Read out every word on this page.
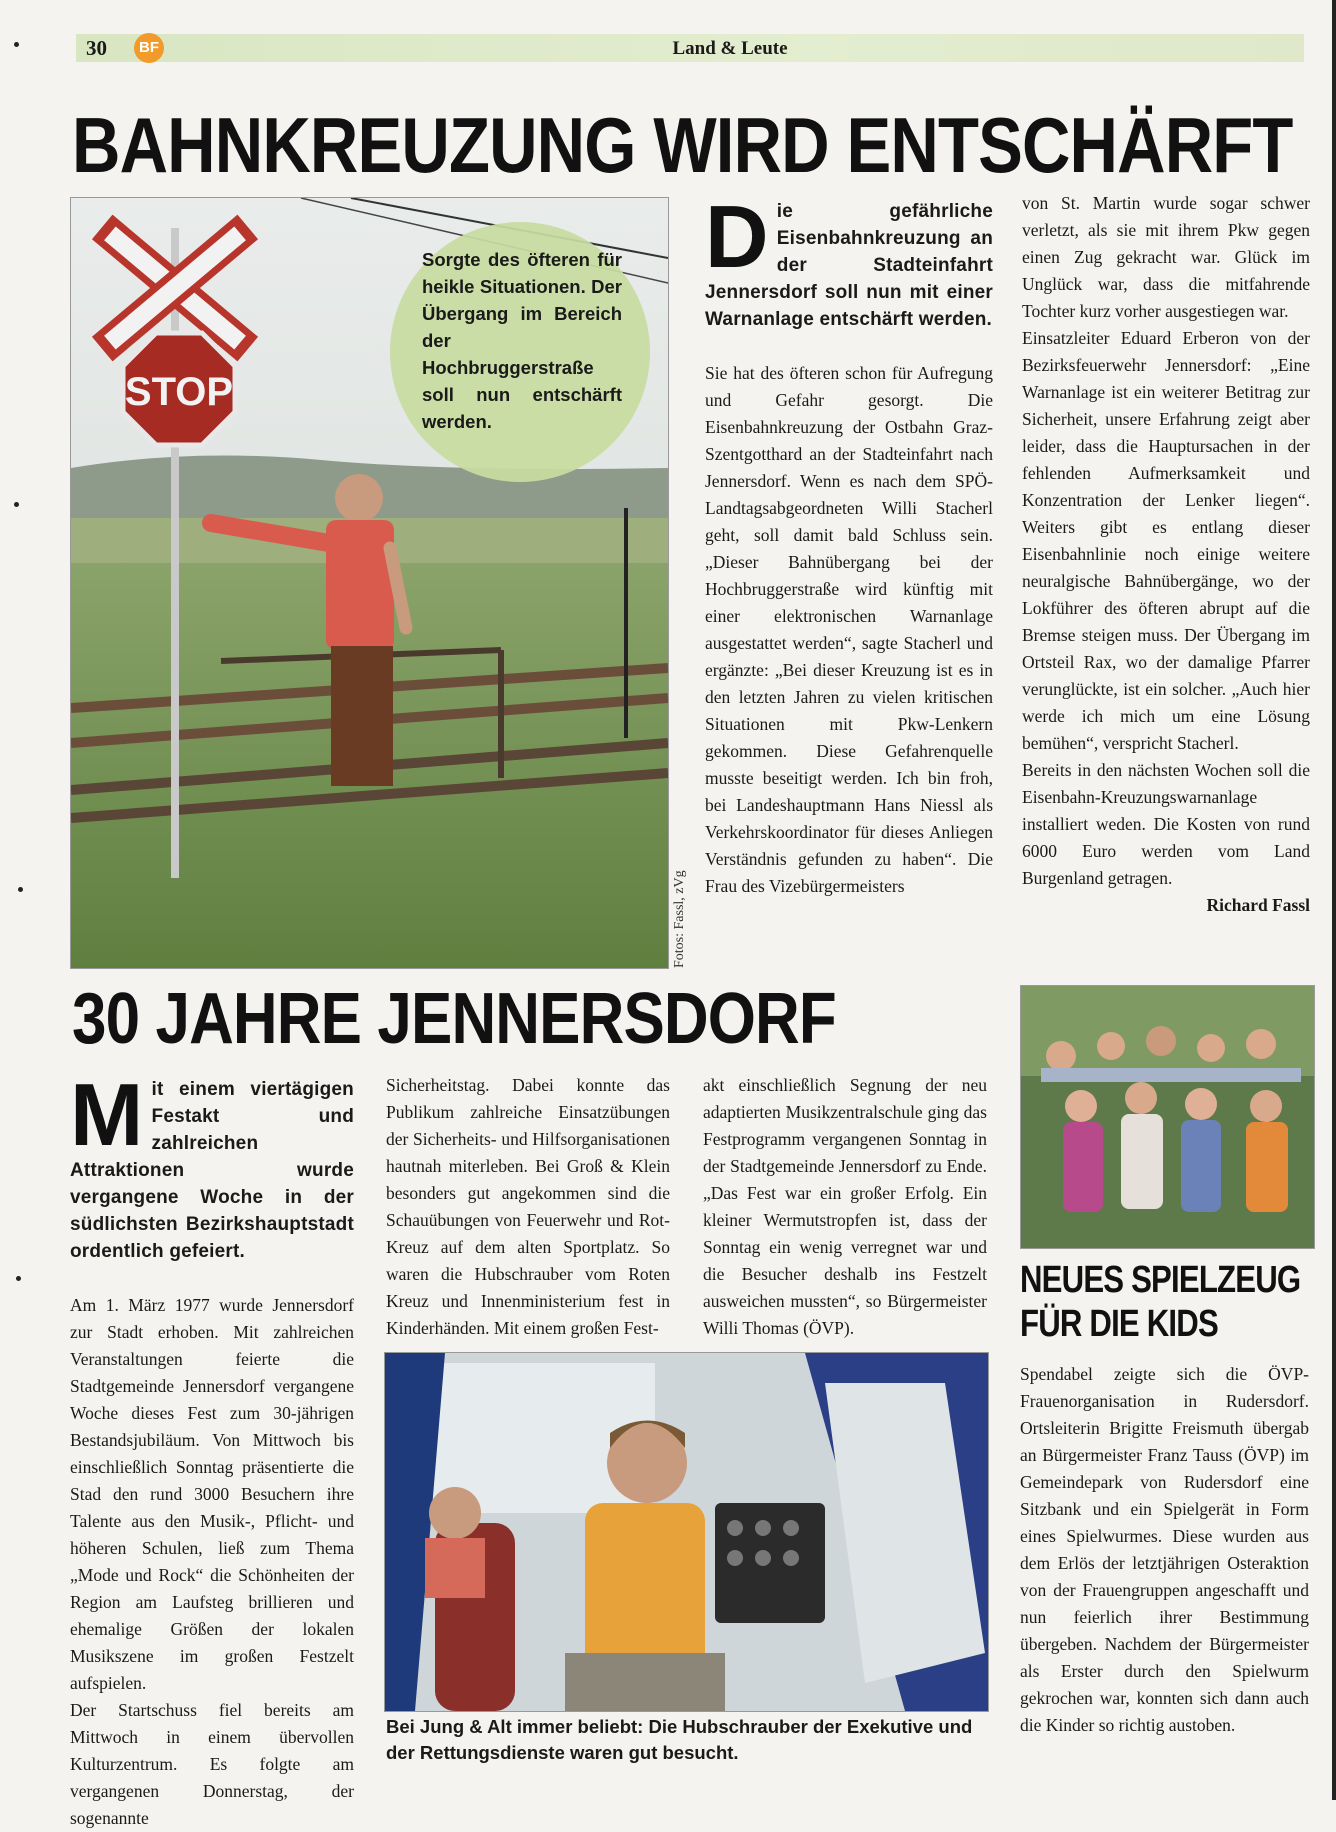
30	BF	Land & Leute
BAHNKREUZUNG WIRD ENTSCHÄRFT
STOP
Sorgte des öfteren für heikle Situationen. Der Übergang im Bereich der Hochbruggerstraße soll nun entschärft werden.
Fotos: Fassl, zVg
D ie gefährliche Eisenbahnkreuzung an der Stadteinfahrt Jennersdorf soll nun mit einer Warnanlage entschärft werden.

Sie hat des öfteren schon für Aufregung und Gefahr gesorgt. Die Eisenbahnkreuzung der Ostbahn Graz-Szentgotthard an der Stadteinfahrt nach Jennersdorf. Wenn es nach dem SPÖ-Landtagsabgeordneten Willi Stacherl geht, soll damit bald Schluss sein. „Dieser Bahnübergang bei der Hochbruggerstraße wird künftig mit einer elektronischen Warnanlage ausgestattet werden“, sagte Stacherl und ergänzte: „Bei dieser Kreuzung ist es in den letzten Jahren zu vielen kritischen Situationen mit Pkw-Lenkern gekommen. Diese Gefahrenquelle musste beseitigt werden. Ich bin froh, bei Landeshauptmann Hans Niessl als Verkehrskoordinator für dieses Anliegen Verständnis gefunden zu haben“. Die Frau des Vizebürgermeisters

von St. Martin wurde sogar schwer verletzt, als sie mit ihrem Pkw gegen einen Zug gekracht war. Glück im Unglück war, dass die mitfahrende Tochter kurz vorher ausgestiegen war.

Einsatzleiter Eduard Erberon von der Bezirksfeuerwehr Jennersdorf: „Eine Warnanlage ist ein weiterer Betitrag zur Sicherheit, unsere Erfahrung zeigt aber leider, dass die Hauptursachen in der fehlenden Aufmerksamkeit und Konzentration der Lenker liegen“. Weiters gibt es entlang dieser Eisenbahnlinie noch einige weitere neuralgische Bahnübergänge, wo der Lokführer des öfteren abrupt auf die Bremse steigen muss. Der Übergang im Ortsteil Rax, wo der damalige Pfarrer verunglückte, ist ein solcher. „Auch hier werde ich mich um eine Lösung bemühen“, verspricht Stacherl.

Bereits in den nächsten Wochen soll die Eisenbahn-Kreuzungswarnanlage installiert weden. Die Kosten von rund 6000 Euro werden vom Land Burgenland getragen.

Richard Fassl
30 JAHRE JENNERSDORF
M it einem viertägigen Festakt und zahlreichen Attraktionen wurde vergangene Woche in der südlichsten Bezirkshauptstadt ordentlich gefeiert.

Am 1. März 1977 wurde Jennersdorf zur Stadt erhoben. Mit zahlreichen Veranstaltungen feierte die Stadtgemeinde Jennersdorf vergangene Woche dieses Fest zum 30-jährigen Bestandsjubiläum. Von Mittwoch bis einschließlich Sonntag präsentierte die Stad den rund 3000 Besuchern ihre Talente aus den Musik-, Pflicht- und höheren Schulen, ließ zum Thema „Mode und Rock“ die Schönheiten der Region am Laufsteg brillieren und ehemalige Größen der lokalen Musikszene im großen Festzelt aufspielen.

Der Startschuss fiel bereits am Mittwoch in einem übervollen Kulturzentrum. Es folgte am vergangenen Donnerstag, der sogenannte

Sicherheitstag. Dabei konnte das Publikum zahlreiche Einsatzübungen der Sicherheits- und Hilfsorganisationen hautnah miterleben. Bei Groß & Klein besonders gut angekommen sind die Schauübungen von Feuerwehr und Rot-Kreuz auf dem alten Sportplatz. So waren die Hubschrauber vom Roten Kreuz und Innenministerium fest in Kinderhänden. Mit einem großen Fest-

akt einschließlich Segnung der neu adaptierten Musikzentralschule ging das Festprogramm vergangenen Sonntag in der Stadtgemeinde Jennersdorf zu Ende. „Das Fest war ein großer Erfolg. Ein kleiner Wermutstropfen ist, dass der Sonntag ein wenig verregnet war und die Besucher deshalb ins Festzelt ausweichen mussten“, so Bürgermeister Willi Thomas (ÖVP).

Bei Jung & Alt immer beliebt: Die Hubschrauber der Exekutive und der Rettungsdienste waren gut besucht.
NEUES SPIELZEUG
FÜR DIE KIDS

Spendabel zeigte sich die ÖVP-Frauenorganisation in Rudersdorf. Ortsleiterin Brigitte Freismuth übergab an Bürgermeister Franz Tauss (ÖVP) im Gemeindepark von Rudersdorf eine Sitzbank und ein Spielgerät in Form eines Spielwurmes. Diese wurden aus dem Erlös der letztjährigen Osteraktion von der Frauengruppen angeschafft und nun feierlich ihrer Bestimmung übergeben. Nachdem der Bürgermeister als Erster durch den Spielwurm gekrochen war, konnten sich dann auch die Kinder so richtig austoben.
